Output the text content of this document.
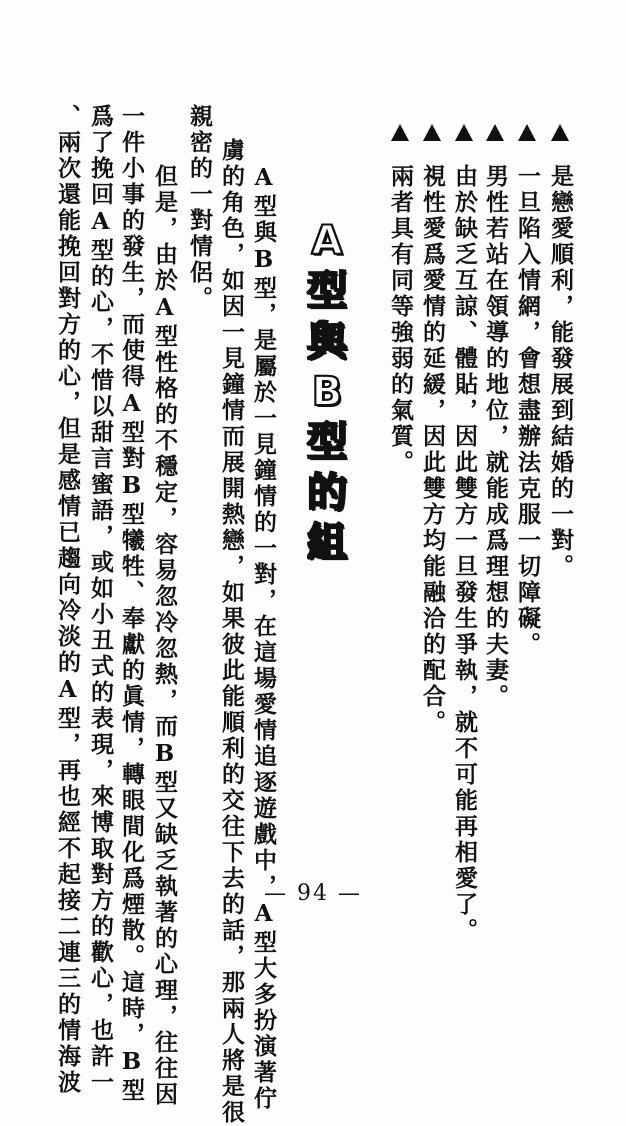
是戀愛順利，能發展到結婚的一對。
一旦陷入情網，會想盡辦法克服一切障礙。
男性若站在領導的地位，就能成爲理想的夫妻。
由於缺乏互諒、體貼，因此雙方一旦發生爭執，就不可能再相愛了。
視性愛爲愛情的延緩，因此雙方均能融洽的配合。
兩者具有同等強弱的氣質。
A
型
與
B
型
的
組
　A型與B型，是屬於一見鐘情的一對，在這場愛情追逐遊戲中，A型大多扮演著佇
虜的角色，如因一見鐘情而展開熱戀，如果彼此能順利的交往下去的話，那兩人將是很
親密的一對情侶。
　但是，由於A型性格的不穩定，容易忽冷忽熱，而B型又缺乏執著的心理，往往因
一件小事的發生，而使得A型對B型犧牲、奉獻的眞情，轉眼間化爲煙散。這時，B型
爲了挽回A型的心，不惜以甜言蜜語，或如小丑式的表現，來博取對方的歡心，也許一
、兩次還能挽回對方的心，但是感情已趨向冷淡的A型，再也經不起接二連三的情海波	— 94 —
